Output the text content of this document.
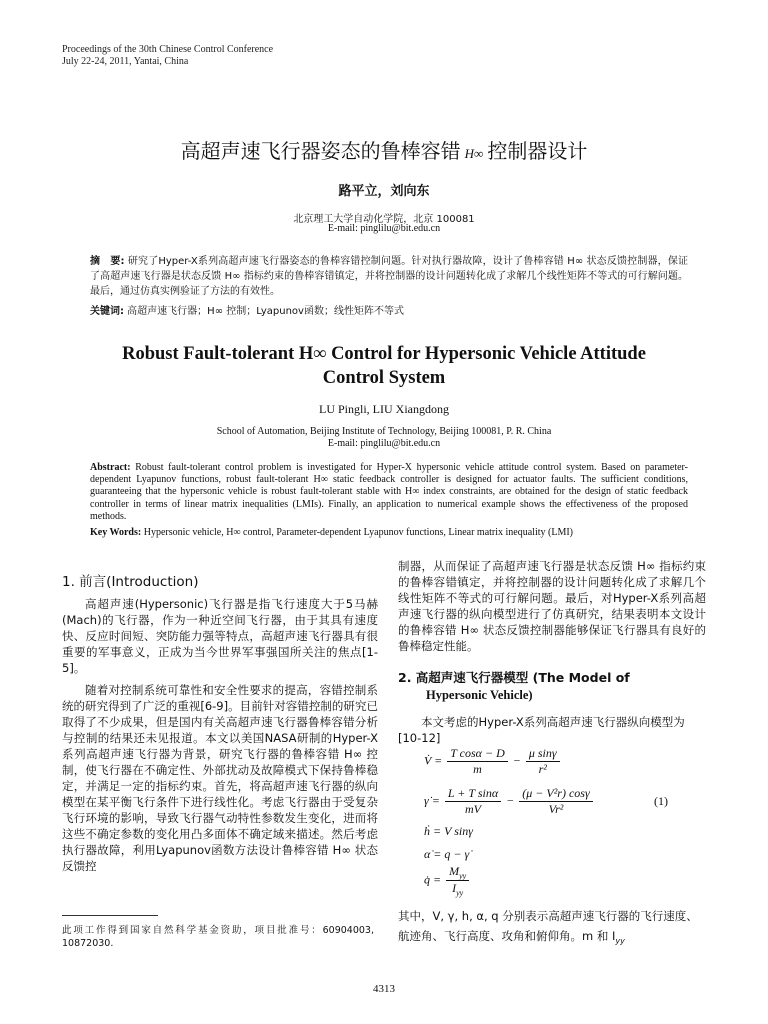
Proceedings of the 30th Chinese Control Conference
July 22-24, 2011, Yantai, China
高超声速飞行器姿态的鲁棒容错 H∞ 控制器设计
路平立，刘向东
北京理工大学自动化学院，北京 100081
E-mail: pinglilu@bit.edu.cn
摘　要: 研究了Hyper-X系列高超声速飞行器姿态的鲁棒容错控制问题。针对执行器故障，设计了鲁棒容错 H∞ 状态反馈控制器，保证了高超声速飞行器是状态反馈 H∞ 指标约束的鲁棒容错镇定，并将控制器的设计问题转化成了求解几个线性矩阵不等式的可行解问题。最后，通过仿真实例验证了方法的有效性。
关键词: 高超声速飞行器；H∞ 控制；Lyapunov函数；线性矩阵不等式
Robust Fault-tolerant H∞ Control for Hypersonic Vehicle Attitude
Control System
LU Pingli, LIU Xiangdong
School of Automation, Beijing Institute of Technology, Beijing 100081, P. R. China
E-mail: pinglilu@bit.edu.cn
Abstract: Robust fault-tolerant control problem is investigated for Hyper-X hypersonic vehicle attitude control system. Based on parameter-dependent Lyapunov functions, robust fault-tolerant H∞ static feedback controller is designed for actuator faults. The sufficient conditions, guaranteeing that the hypersonic vehicle is robust fault-tolerant stable with H∞ index constraints, are obtained for the design of static feedback controller in terms of linear matrix inequalities (LMIs). Finally, an application to numerical example shows the effectiveness of the proposed methods.
Key Words: Hypersonic vehicle, H∞ control, Parameter-dependent Lyapunov functions, Linear matrix inequality (LMI)
1. 前言(Introduction)
高超声速(Hypersonic)飞行器是指飞行速度大于5马赫(Mach)的飞行器，作为一种近空间飞行器，由于其具有速度快、反应时间短、突防能力强等特点，高超声速飞行器具有很重要的军事意义，正成为当今世界军事强国所关注的焦点[1-5]。
随着对控制系统可靠性和安全性要求的提高，容错控制系统的研究得到了广泛的重视[6-9]。目前针对容错控制的研究已取得了不少成果，但是国内有关高超声速飞行器鲁棒容错分析与控制的结果还未见报道。本文以美国NASA研制的Hyper-X系列高超声速飞行器为背景，研究飞行器的鲁棒容错 H∞ 控制，使飞行器在不确定性、外部扰动及故障模式下保持鲁棒稳定，并满足一定的指标约束。首先，将高超声速飞行器的纵向模型在某平衡飞行条件下进行线性化。考虑飞行器由于受复杂飞行环境的影响，导致飞行器气动特性参数发生变化，进而将这些不确定参数的变化用凸多面体不确定域来描述。然后考虑执行器故障，利用Lyapunov函数方法设计鲁棒容错 H∞ 状态反馈控
此项工作得到国家自然科学基金资助，项目批准号：60904003, 10872030.
制器，从而保证了高超声速飞行器是状态反馈 H∞ 指标约束的鲁棒容错镇定，并将控制器的设计问题转化成了求解几个线性矩阵不等式的可行解问题。最后，对Hyper-X系列高超声速飞行器的纵向模型进行了仿真研究，结果表明本文设计的鲁棒容错 H∞ 状态反馈控制器能够保证飞行器具有良好的鲁棒稳定性能。
2. 高超声速飞行器模型 (The Model of
Hypersonic Vehicle)
本文考虑的Hyper-X系列高超声速飞行器纵向模型为[10-12]
V̇ = $\frac{\text{T cosα − D}}{m} - \frac{\text{μ sinγ}}{\text{r²}}$
γ̇ = $\frac{\text{L + T sinα}}{mV} - \frac{\text{(μ − V²r) cosγ}}{\text{Vr²}}$	(1)
ḣ = V sinγ
α̇ = q − γ̇
q̇ = $\frac{M_{yy}}{I_{yy}}$
其中，V, γ, h, α, q 分别表示高超声速飞行器的飞行速度、航迹角、飞行高度、攻角和俯仰角。m 和 $I_{yy}$
4313
